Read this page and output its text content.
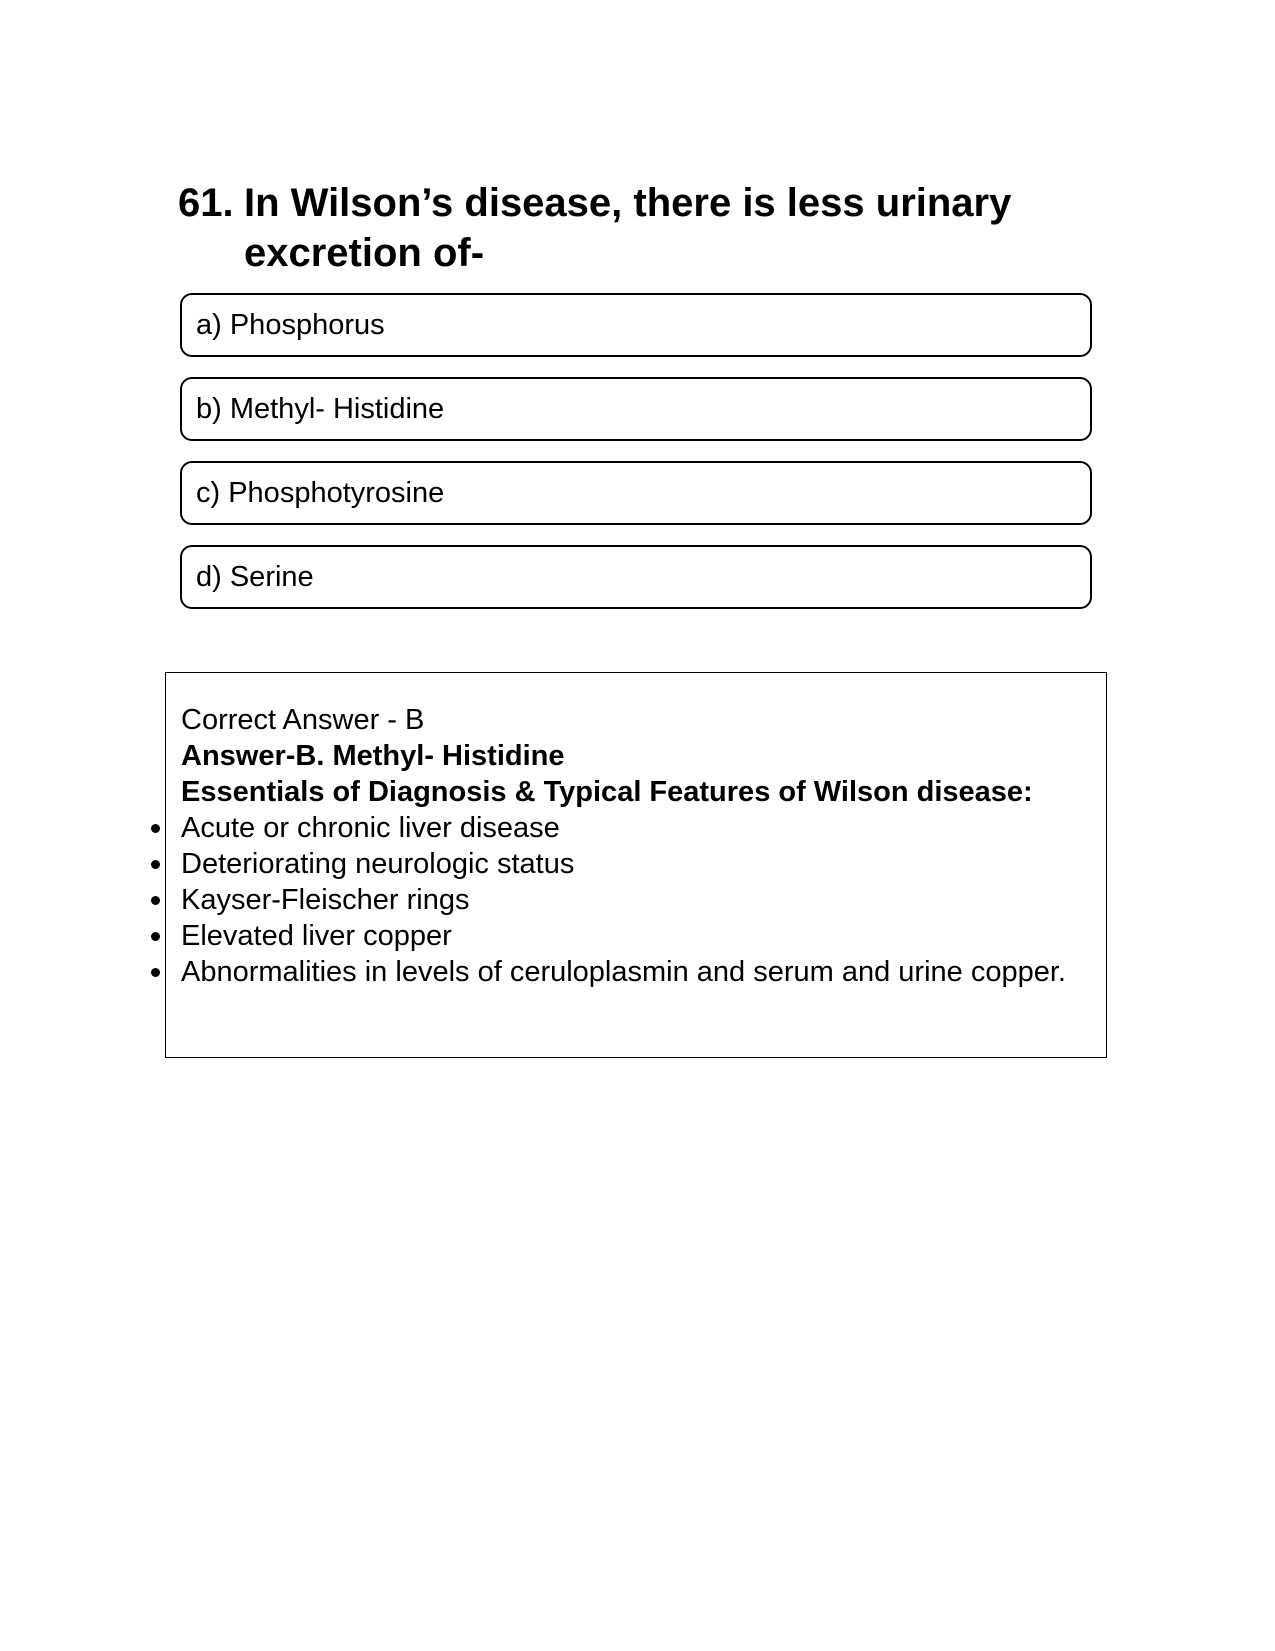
61. In Wilson’s disease, there is less urinary excretion of-
a) Phosphorus
b) Methyl- Histidine
c) Phosphotyrosine
d) Serine
Correct Answer - B
Answer-B. Methyl- Histidine
Essentials of Diagnosis & Typical Features of Wilson disease:
Acute or chronic liver disease
Deteriorating neurologic status
Kayser-Fleischer rings
Elevated liver copper
Abnormalities in levels of ceruloplasmin and serum and urine copper.
